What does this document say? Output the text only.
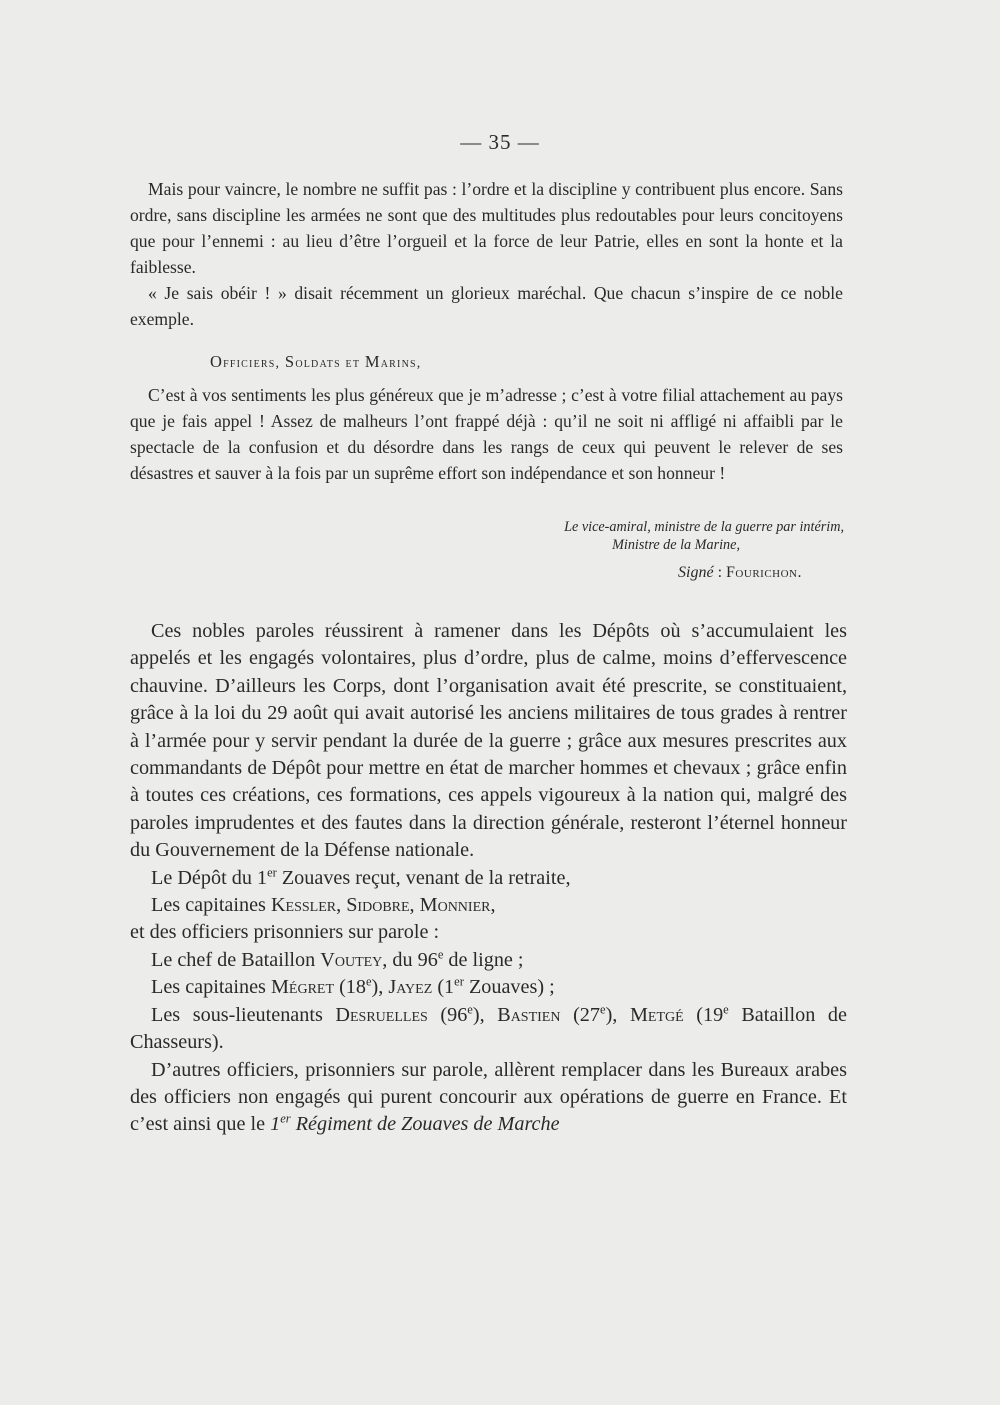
— 35 —

Mais pour vaincre, le nombre ne suffit pas : l’ordre et la discipline y contribuent plus encore. Sans ordre, sans discipline les armées ne sont que des multitudes plus redoutables pour leurs concitoyens que pour l’ennemi : au lieu d’être l’orgueil et la force de leur Patrie, elles en sont la honte et la faiblesse.

« Je sais obéir ! » disait récemment un glorieux maréchal. Que chacun s’inspire de ce noble exemple.

Officiers, Soldats et Marins,

C’est à vos sentiments les plus généreux que je m’adresse ; c’est à votre filial attachement au pays que je fais appel ! Assez de malheurs l’ont frappé déjà : qu’il ne soit ni affligé ni affaibli par le spectacle de la confusion et du désordre dans les rangs de ceux qui peuvent le relever de ses désastres et sauver à la fois par un suprême effort son indépendance et son honneur !

Le vice-amiral, ministre de la guerre par intérim,
Ministre de la Marine,
Signé : Fourichon.

Ces nobles paroles réussirent à ramener dans les Dépôts où s’accumulaient les appelés et les engagés volontaires, plus d’ordre, plus de calme, moins d’effervescence chauvine. D’ailleurs les Corps, dont l’organisation avait été prescrite, se constituaient, grâce à la loi du 29 août qui avait autorisé les anciens militaires de tous grades à rentrer à l’armée pour y servir pendant la durée de la guerre ; grâce aux mesures prescrites aux commandants de Dépôt pour mettre en état de marcher hommes et chevaux ; grâce enfin à toutes ces créations, ces formations, ces appels vigoureux à la nation qui, malgré des paroles imprudentes et des fautes dans la direction générale, resteront l’éternel honneur du Gouvernement de la Défense nationale.

Le Dépôt du 1er Zouaves reçut, venant de la retraite,

Les capitaines Kessler, Sidobre, Monnier,

et des officiers prisonniers sur parole :

Le chef de Bataillon Voutey, du 96e de ligne ;

Les capitaines Mégret (18e), Jayez (1er Zouaves) ;

Les sous-lieutenants Desruelles (96e), Bastien (27e), Metgé (19e Bataillon de Chasseurs).

D’autres officiers, prisonniers sur parole, allèrent remplacer dans les Bureaux arabes des officiers non engagés qui purent concourir aux opérations de guerre en France. Et c’est ainsi que le 1er Régiment de Zouaves de Marche
